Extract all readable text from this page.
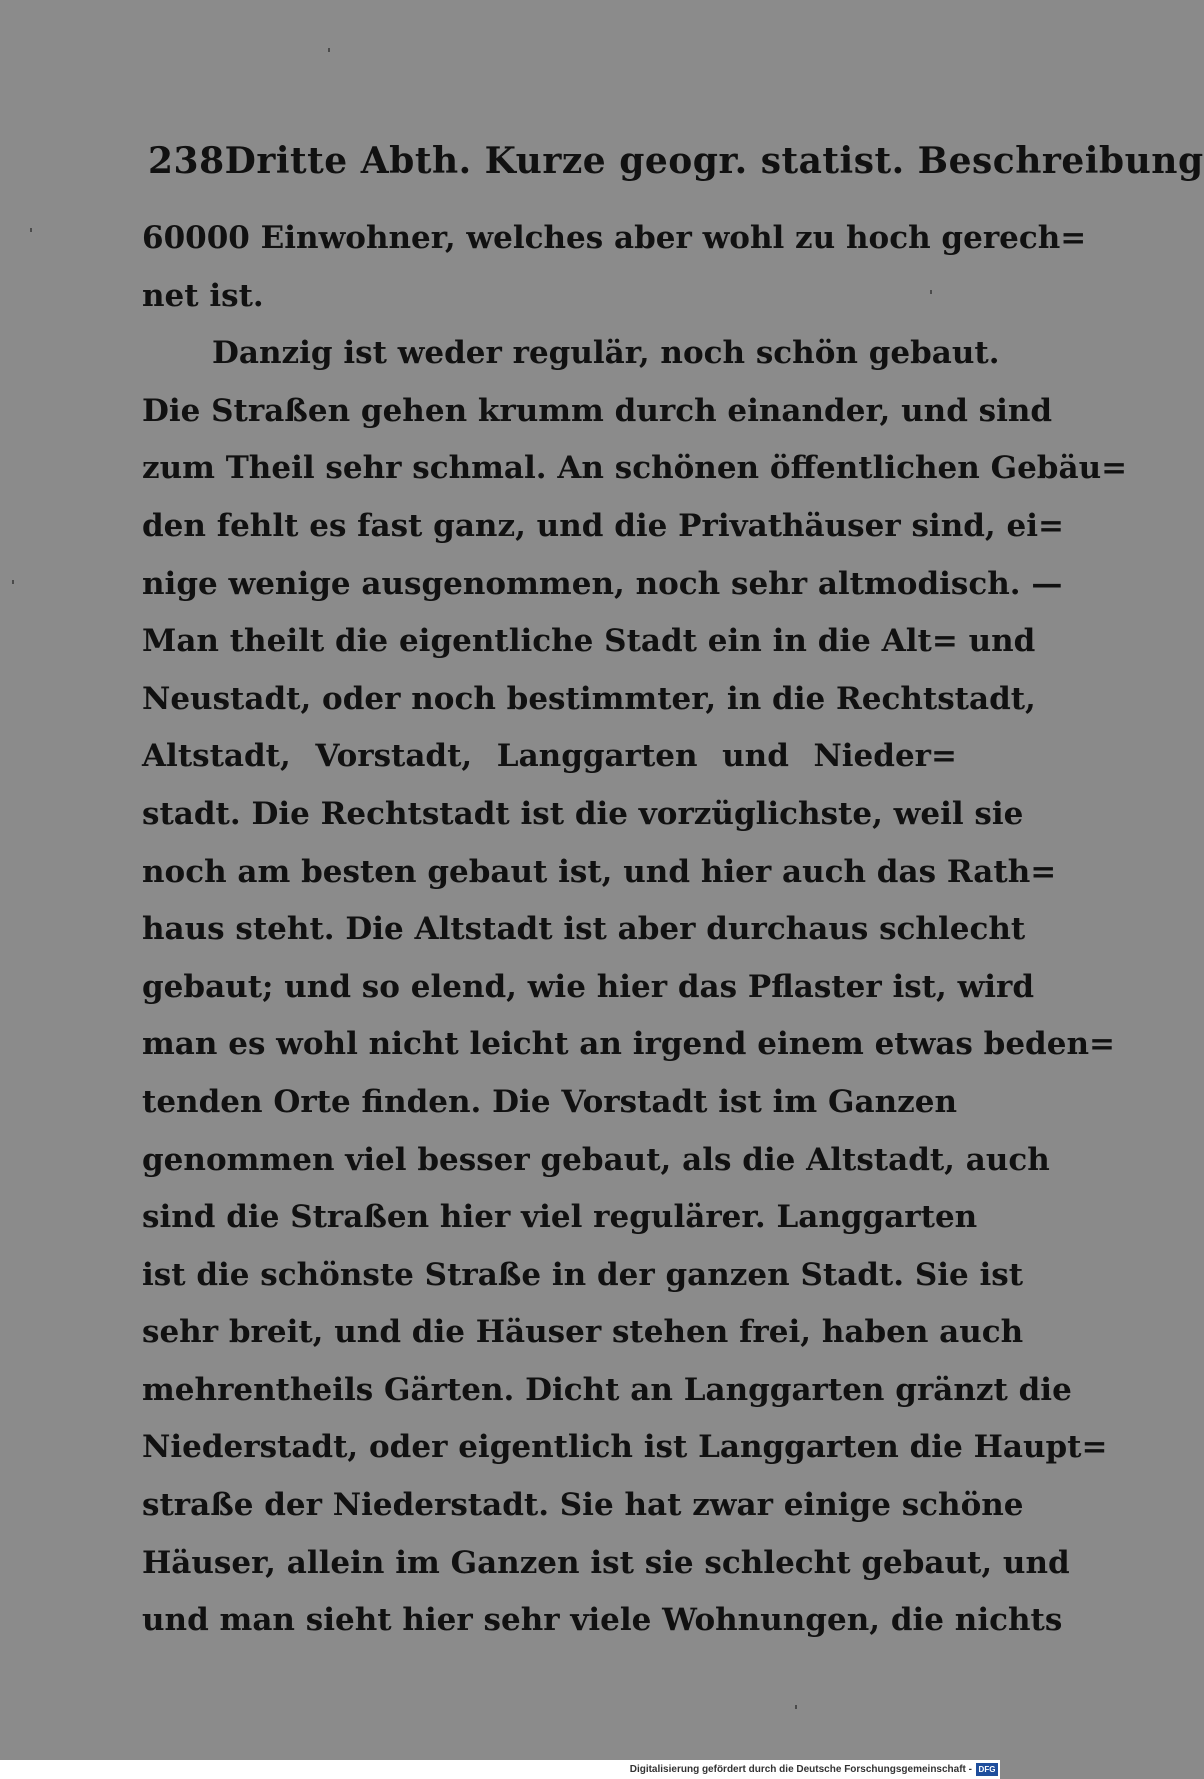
238 Dritte Abth. Kurze geogr. statist. Beschreibung
60000 Einwohner, welches aber wohl zu hoch gerech=
net ist.
Danzig ist weder regulär, noch schön gebaut.
Die Straßen gehen krumm durch einander, und sind
zum Theil sehr schmal. An schönen öffentlichen Gebäu=
den fehlt es fast ganz, und die Privathäuser sind, ei=
nige wenige ausgenommen, noch sehr altmodisch. —
Man theilt die eigentliche Stadt ein in die Alt= und
Neustadt, oder noch bestimmter, in die Rechtstadt,
Altstadt, Vorstadt, Langgarten und Nieder=
stadt. Die Rechtstadt ist die vorzüglichste, weil sie
noch am besten gebaut ist, und hier auch das Rath=
haus steht. Die Altstadt ist aber durchaus schlecht
gebaut; und so elend, wie hier das Pflaster ist, wird
man es wohl nicht leicht an irgend einem etwas beden=
tenden Orte finden. Die Vorstadt ist im Ganzen
genommen viel besser gebaut, als die Altstadt, auch
sind die Straßen hier viel regulärer. Langgarten
ist die schönste Straße in der ganzen Stadt. Sie ist
sehr breit, und die Häuser stehen frei, haben auch
mehrentheils Gärten. Dicht an Langgarten gränzt die
Niederstadt, oder eigentlich ist Langgarten die Haupt=
straße der Niederstadt. Sie hat zwar einige schöne
Häuser, allein im Ganzen ist sie schlecht gebaut, und
und man sieht hier sehr viele Wohnungen, die nichts
Digitalisierung gefördert durch die Deutsche Forschungsgemeinschaft - DFG
